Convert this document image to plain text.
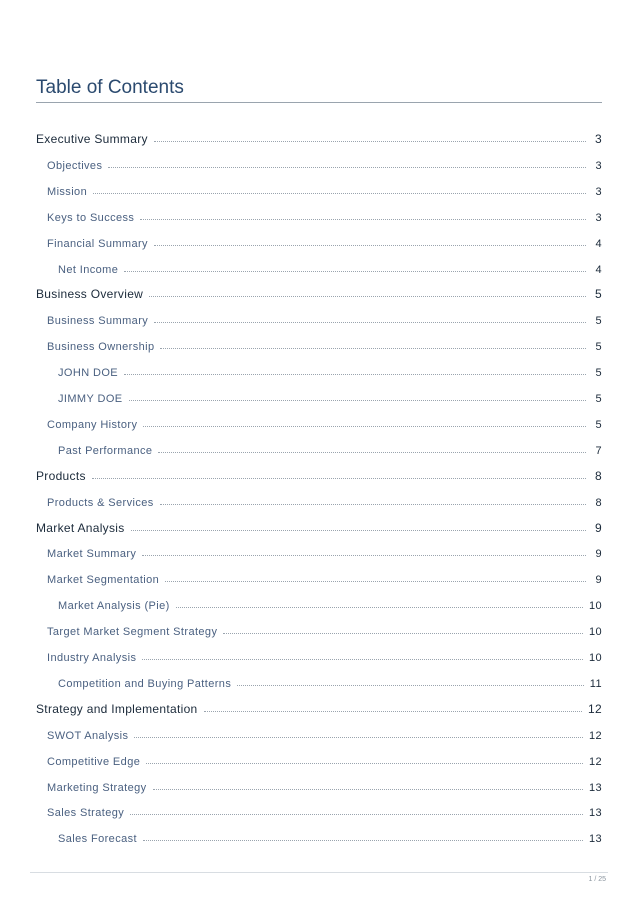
Table of Contents
Executive Summary	3
Objectives	3
Mission	3
Keys to Success	3
Financial Summary	4
Net Income	4
Business Overview	5
Business Summary	5
Business Ownership	5
JOHN DOE	5
JIMMY DOE	5
Company History	5
Past Performance	7
Products	8
Products & Services	8
Market Analysis	9
Market Summary	9
Market Segmentation	9
Market Analysis (Pie)	10
Target Market Segment Strategy	10
Industry Analysis	10
Competition and Buying Patterns	11
Strategy and Implementation	12
SWOT Analysis	12
Competitive Edge	12
Marketing Strategy	13
Sales Strategy	13
Sales Forecast	13
1 / 25
